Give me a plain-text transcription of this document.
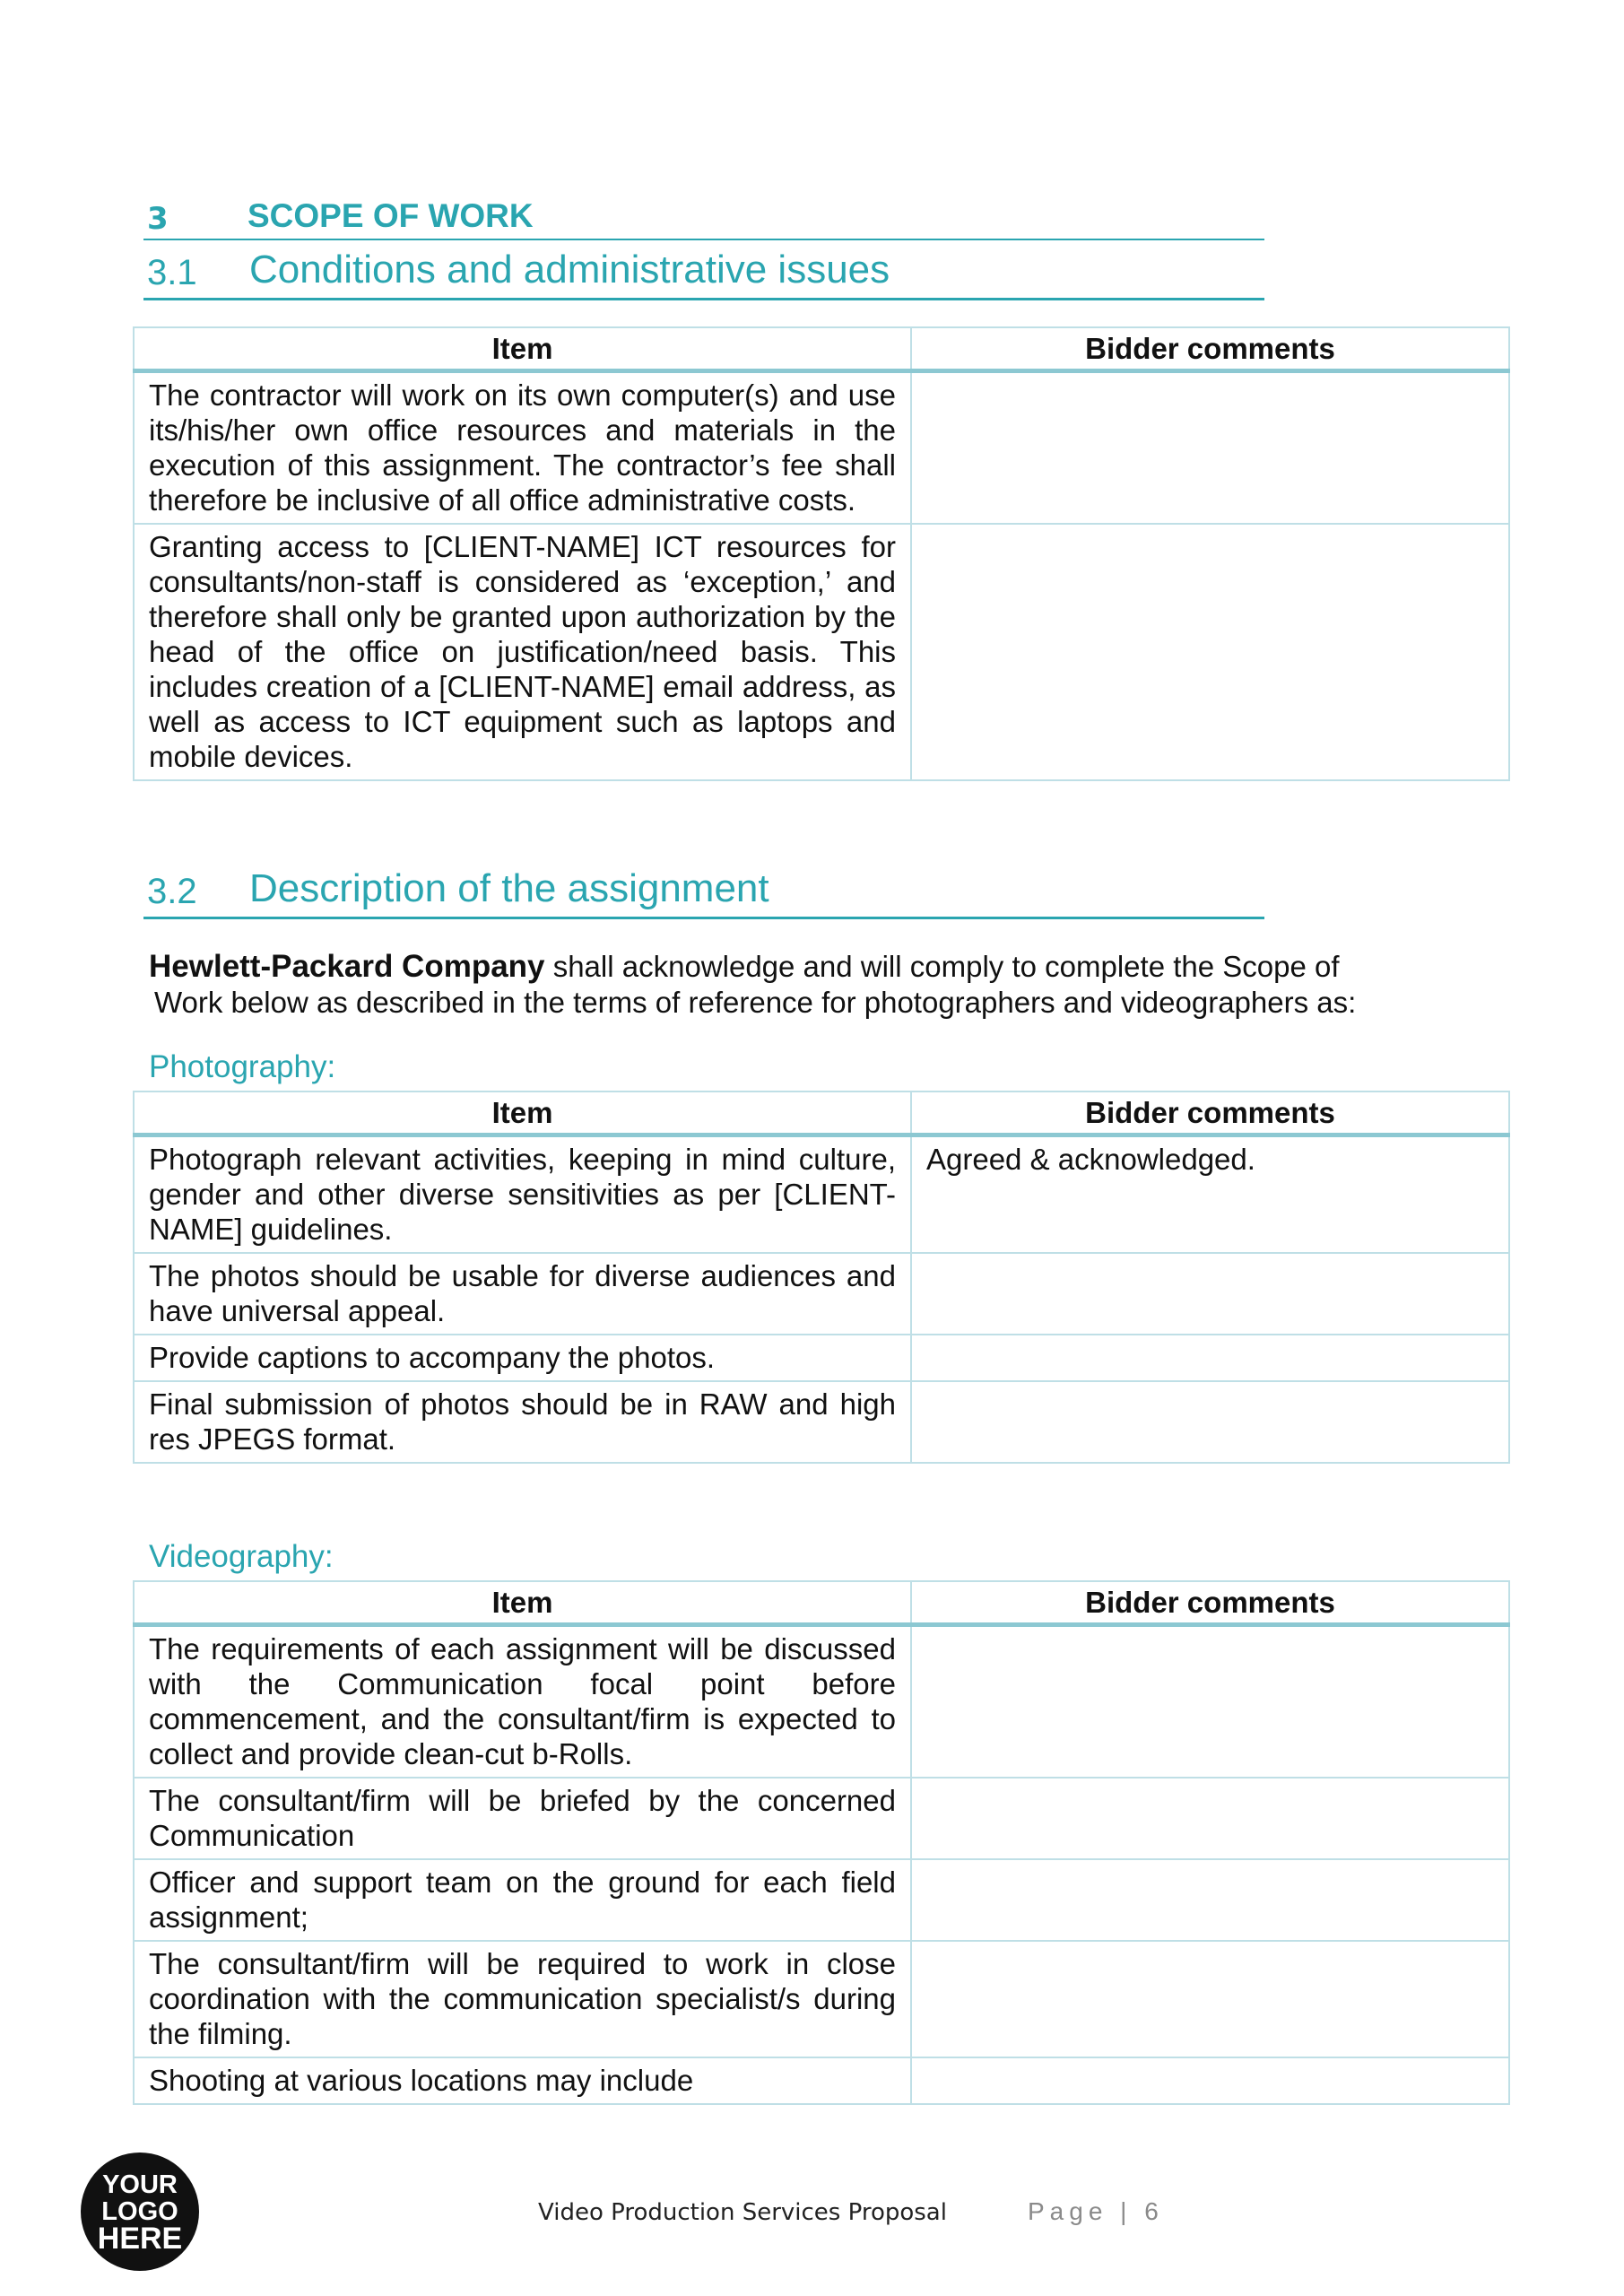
3 SCOPE OF WORK
3.1 Conditions and administrative issues
Item	Bidder comments
The contractor will work on its own computer(s) and use its/his/her own office resources and materials in the execution of this assignment. The contractor’s fee shall therefore be inclusive of all office administrative costs.	
Granting access to [CLIENT-NAME] ICT resources for consultants/non-staff is considered as ‘exception,’ and therefore shall only be granted upon authorization by the head of the office on justification/need basis. This includes creation of a [CLIENT-NAME] email address, as well as access to ICT equipment such as laptops and mobile devices.	
3.2 Description of the assignment
Hewlett-Packard Company shall acknowledge and will comply to complete the Scope of
Work below as described in the terms of reference for photographers and videographers as:
Photography:
Item	Bidder comments
Photograph relevant activities, keeping in mind culture, gender and other diverse sensitivities as per [CLIENT-NAME] guidelines.	Agreed & acknowledged.
The photos should be usable for diverse audiences and have universal appeal.	
Provide captions to accompany the photos.	
Final submission of photos should be in RAW and high res JPEGS format.	
Videography:
Item	Bidder comments
The requirements of each assignment will be discussed with the Communication focal point before commencement, and the consultant/firm is expected to collect and provide clean-cut b-Rolls.	
The consultant/firm will be briefed by the concerned Communication	
Officer and support team on the ground for each field assignment;	
The consultant/firm will be required to work in close coordination with the communication specialist/s during the filming.	
Shooting at various locations may include	
YOUR
LOGO
HERE
Video Production Services Proposal	Page | 6
